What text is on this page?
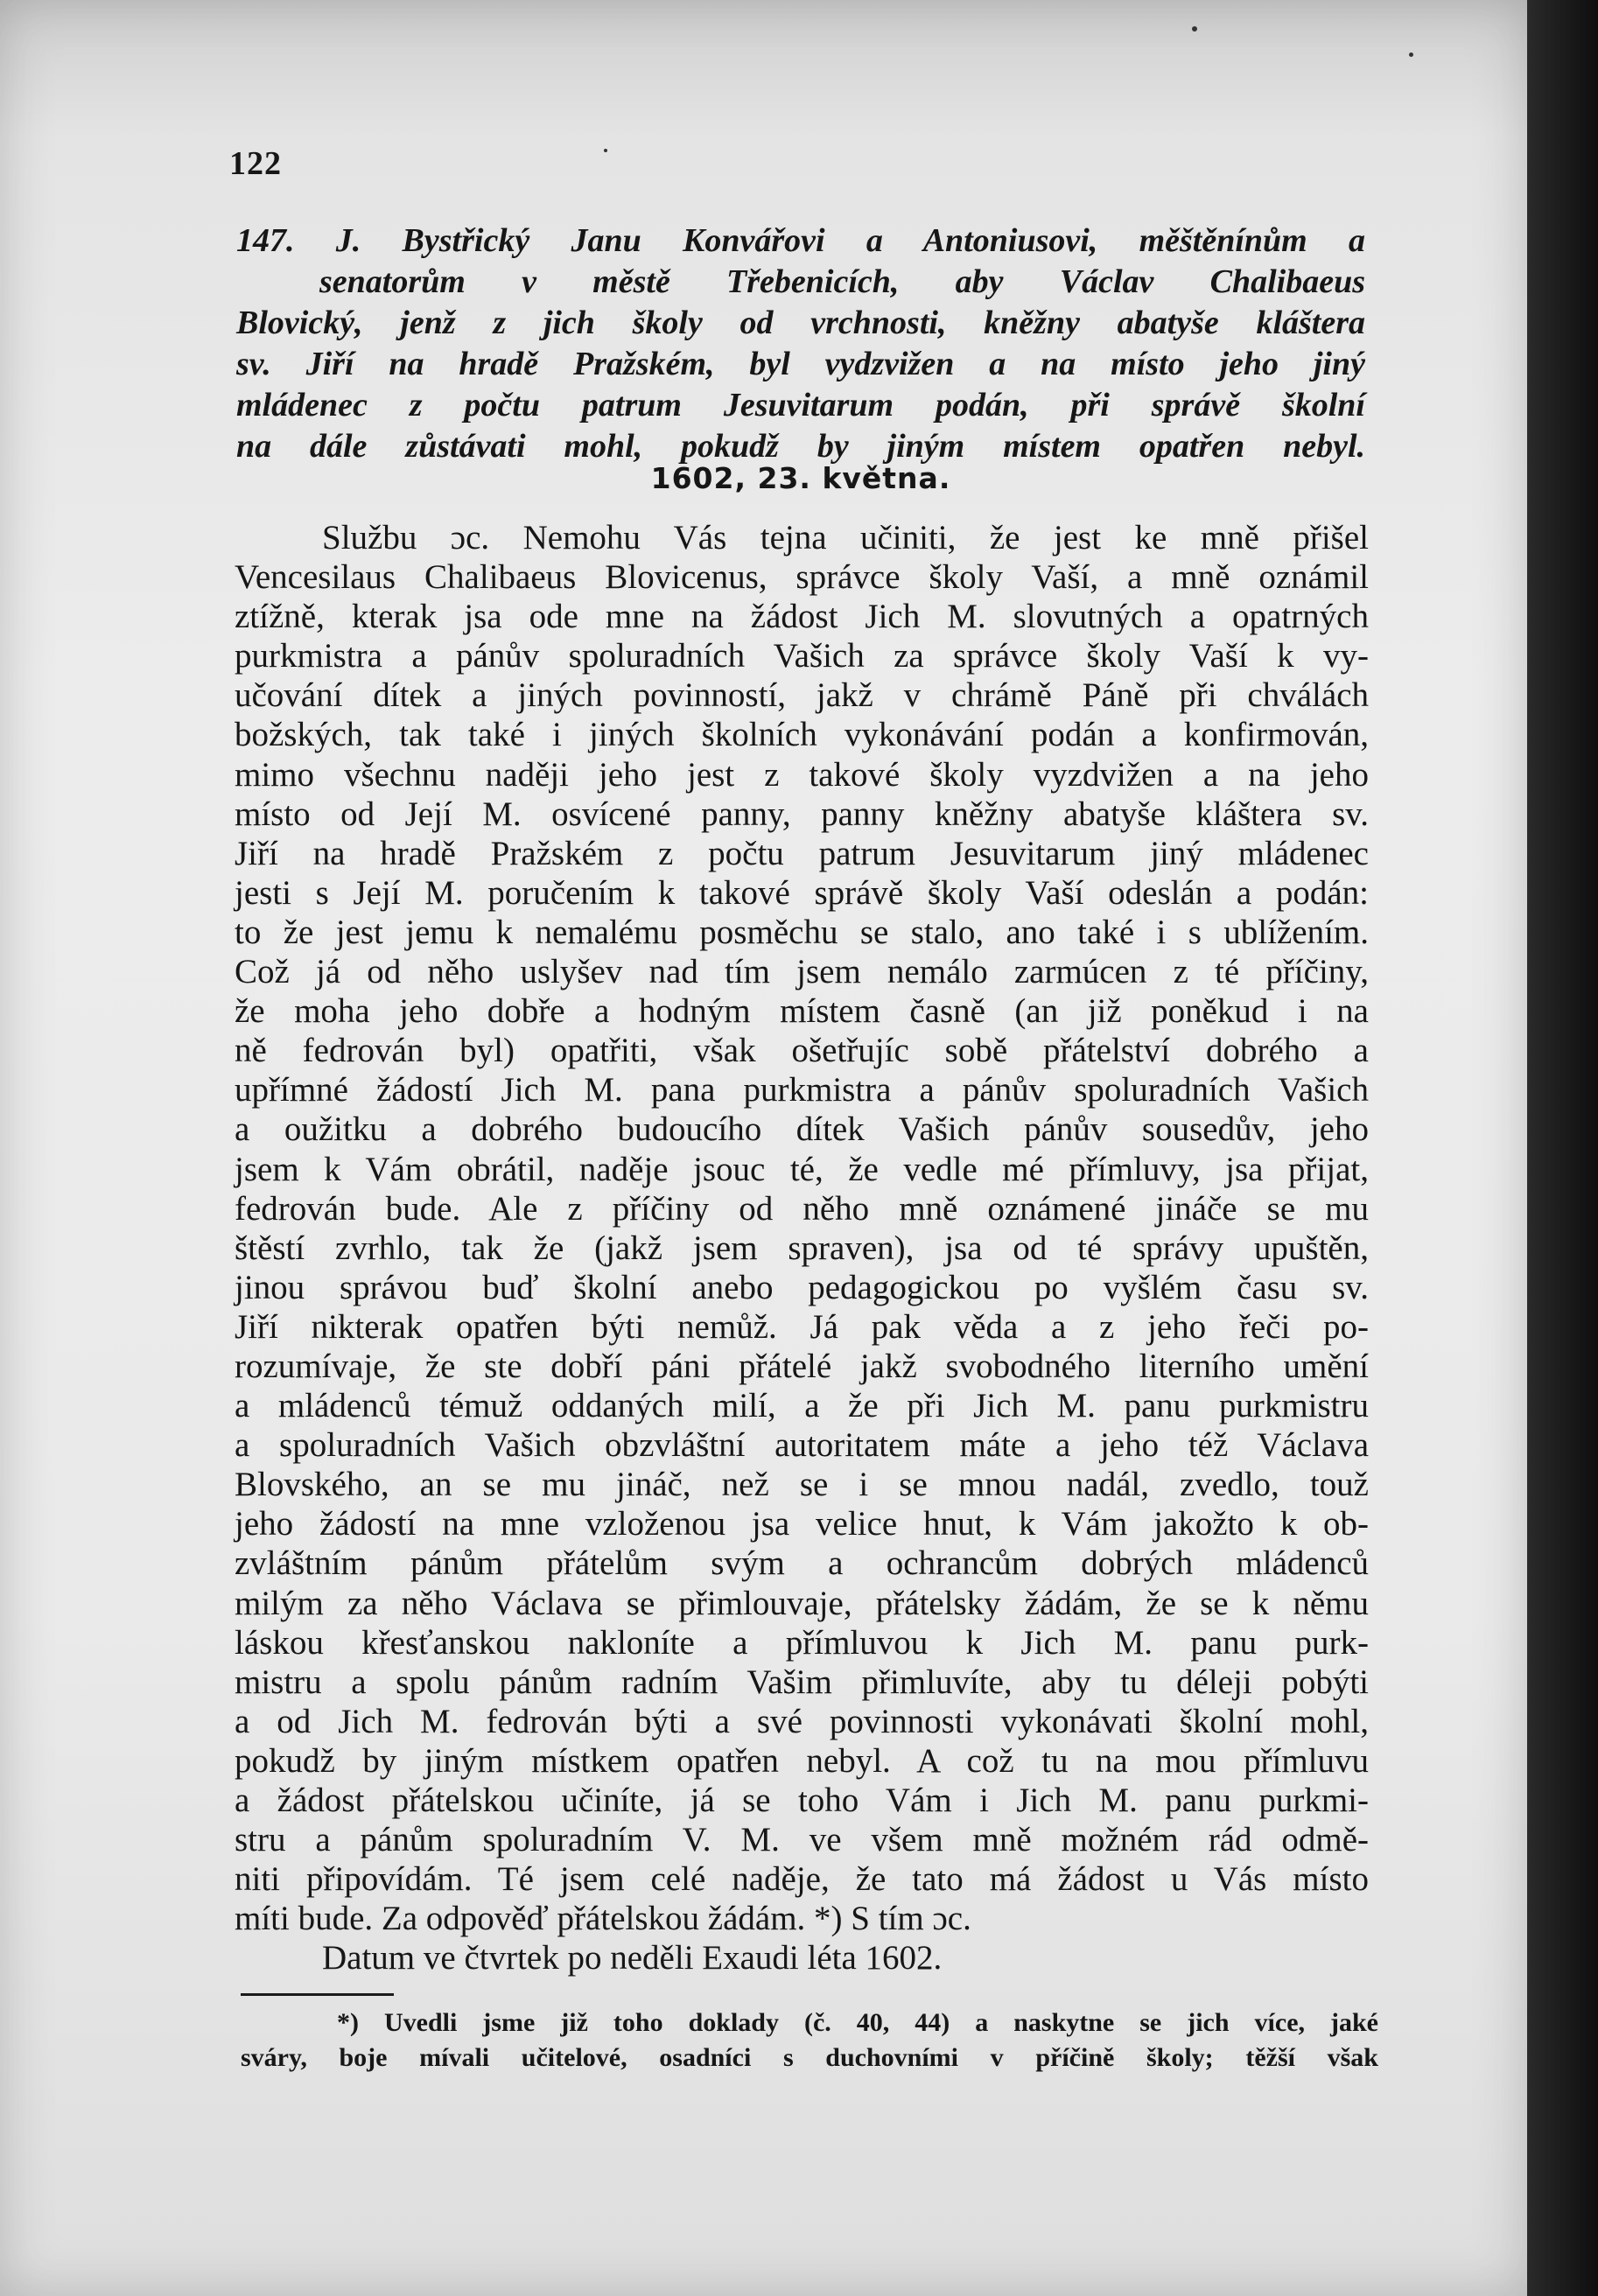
122

147. J. Bystřický Janu Konvářovi a Antoniusovi, měštěnínům a

senatorům v městě Třebenicích, aby Václav Chalibaeus

Blovický, jenž z jich školy od vrchnosti, kněžny abatyše kláštera

sv. Jiří na hradě Pražském, byl vydzvižen a na místo jeho jiný

mládenec z počtu patrum Jesuvitarum podán, při správě školní

na dále zůstávati mohl, pokudž by jiným místem opatřen nebyl.

1602, 23. května.
Službu ɔc. Nemohu Vás tejna učiniti, že jest ke mně přišel
Vencesilaus Chalibaeus Blovicenus, správce školy Vaší, a mně oznámil
ztížně, kterak jsa ode mne na žádost Jich M. slovutných a opatrných
purkmistra a pánův spoluradních Vašich za správce školy Vaší k vy-
učování dítek a jiných povinností, jakž v chrámě Páně při chválách
božských, tak také i jiných školních vykonávání podán a konfirmován,
mimo všechnu naději jeho jest z takové školy vyzdvižen a na jeho
místo od Její M. osvícené panny, panny kněžny abatyše kláštera sv.
Jiří na hradě Pražském z počtu patrum Jesuvitarum jiný mládenec
jesti s Její M. poručením k takové správě školy Vaší odeslán a podán:
to že jest jemu k nemalému posměchu se stalo, ano také i s ublížením.
Což já od něho uslyšev nad tím jsem nemálo zarmúcen z té příčiny,
že moha jeho dobře a hodným místem časně (an již poněkud i na
ně fedrován byl) opatřiti, však ošetřujíc sobě přátelství dobrého a
upřímné žádostí Jich M. pana purkmistra a pánův spoluradních Vašich
a oužitku a dobrého budoucího dítek Vašich pánův sousedův, jeho
jsem k Vám obrátil, naděje jsouc té, že vedle mé přímluvy, jsa přijat,
fedrován bude. Ale z příčiny od něho mně oznámené jináče se mu
štěstí zvrhlo, tak že (jakž jsem spraven), jsa od té správy upuštěn,
jinou správou buď školní anebo pedagogickou po vyšlém času sv.
Jiří nikterak opatřen býti nemůž. Já pak věda a z jeho řeči po-
rozumívaje, že ste dobří páni přátelé jakž svobodného literního umění
a mládenců témuž oddaných milí, a že při Jich M. panu purkmistru
a spoluradních Vašich obzvláštní autoritatem máte a jeho též Václava
Blovského, an se mu jináč, než se i se mnou nadál, zvedlo, touž
jeho žádostí na mne vzloženou jsa velice hnut, k Vám jakožto k ob-
zvláštním pánům přátelům svým a ochrancům dobrých mládenců
milým za něho Václava se přimlouvaje, přátelsky žádám, že se k němu
láskou křesťanskou nakloníte a přímluvou k Jich M. panu purk-
mistru a spolu pánům radním Vašim přimluvíte, aby tu déleji pobýti
a od Jich M. fedrován býti a své povinnosti vykonávati školní mohl,
pokudž by jiným místkem opatřen nebyl. A což tu na mou přímluvu
a žádost přátelskou učiníte, já se toho Vám i Jich M. panu purkmi-
stru a pánům spoluradním V. M. ve všem mně možném rád odmě-
niti připovídám. Té jsem celé naděje, že tato má žádost u Vás místo
míti bude. Za odpověď přátelskou žádám. *) S tím ɔc.
Datum ve čtvrtek po neděli Exaudi léta 1602.
*) Uvedli jsme již toho doklady (č. 40, 44) a naskytne se jich více, jaké
sváry, boje mívali učitelové, osadníci s duchovními v příčině školy; těžší však
